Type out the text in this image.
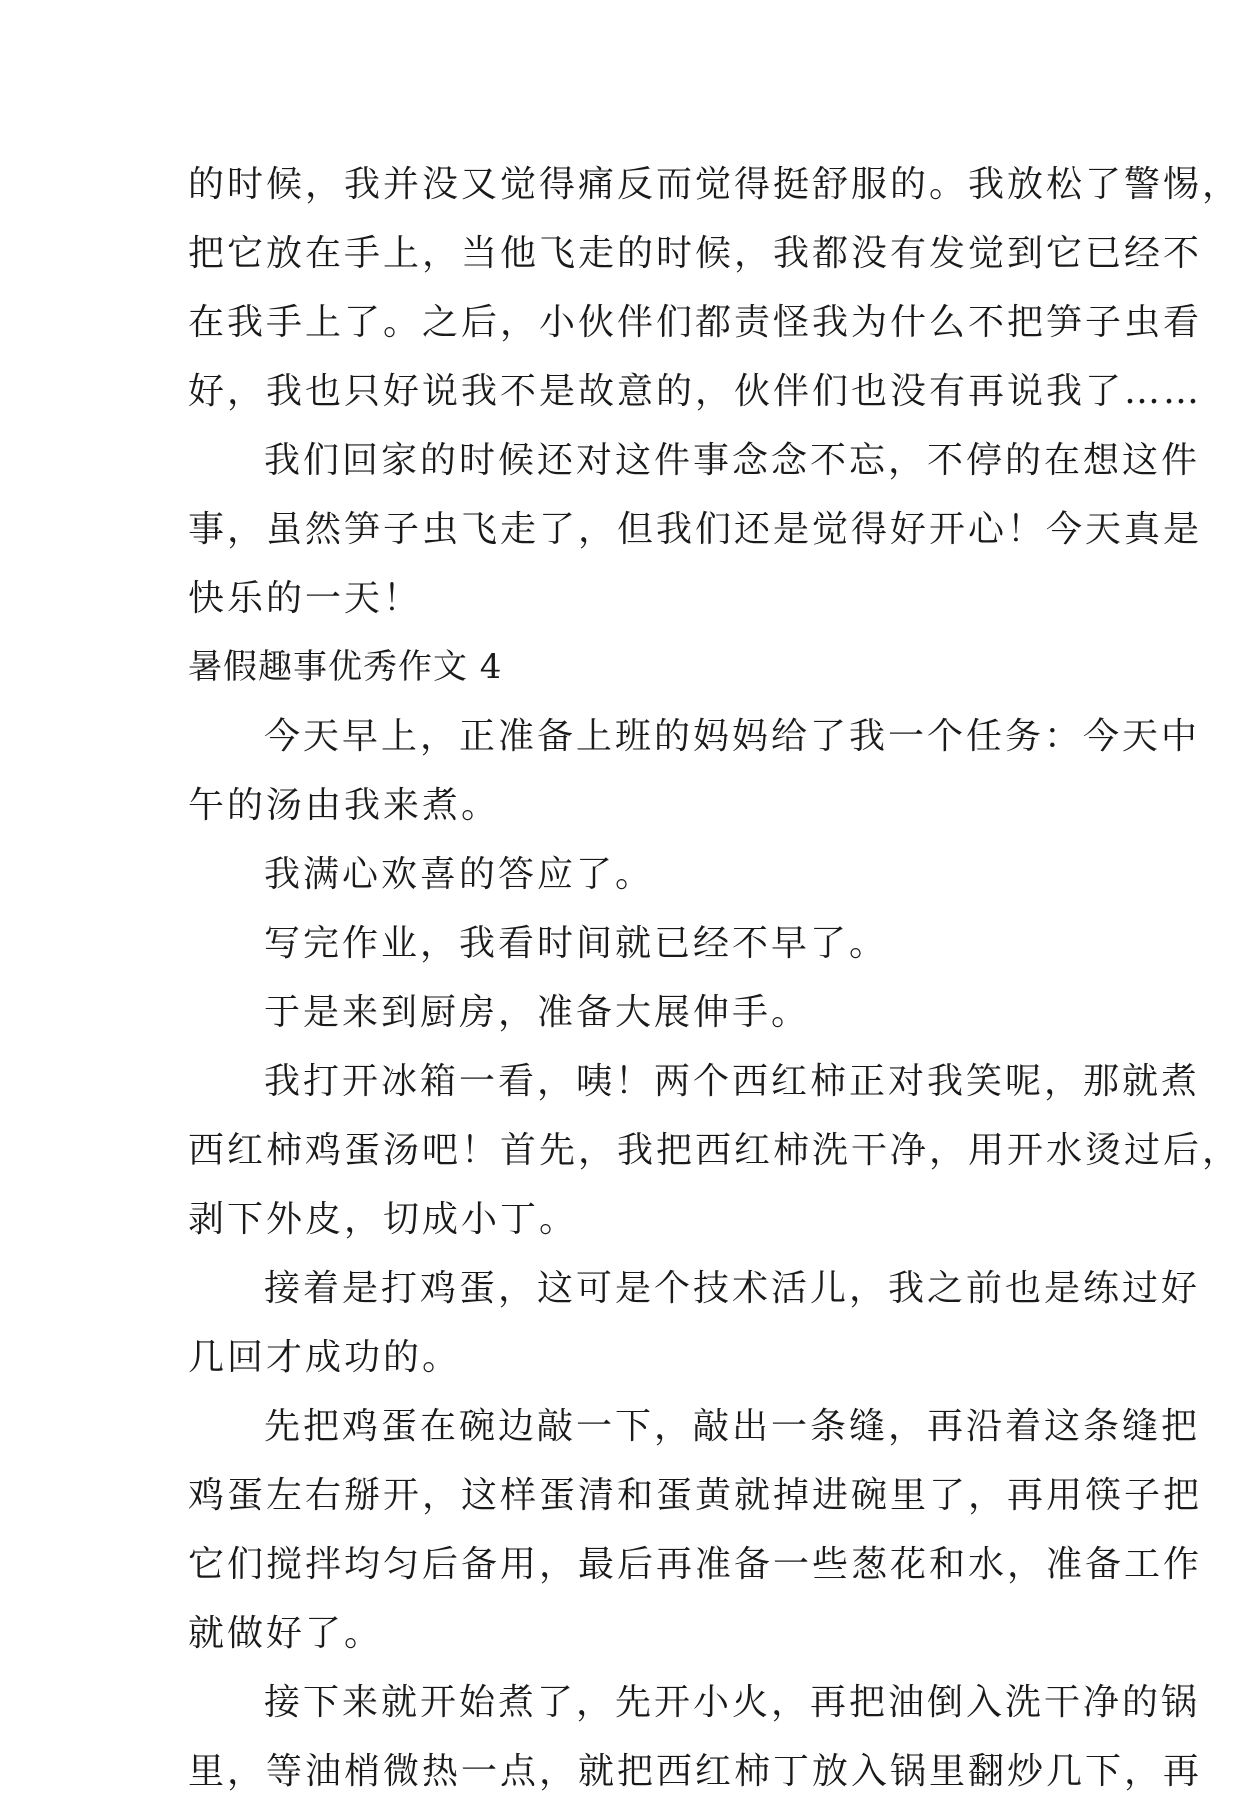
的时候，我并没又觉得痛反而觉得挺舒服的。我放松了警惕，
把它放在手上，当他飞走的时候，我都没有发觉到它已经不
在我手上了。之后，小伙伴们都责怪我为什么不把笋子虫看
好，我也只好说我不是故意的，伙伴们也没有再说我了……
我们回家的时候还对这件事念念不忘，不停的在想这件
事，虽然笋子虫飞走了，但我们还是觉得好开心！今天真是
快乐的一天！
暑假趣事优秀作文 4
今天早上，正准备上班的妈妈给了我一个任务：今天中
午的汤由我来煮。
我满心欢喜的答应了。
写完作业，我看时间就已经不早了。
于是来到厨房，准备大展伸手。
我打开冰箱一看，咦！两个西红柿正对我笑呢，那就煮
西红柿鸡蛋汤吧！首先，我把西红柿洗干净，用开水烫过后，
剥下外皮，切成小丁。
接着是打鸡蛋，这可是个技术活儿，我之前也是练过好
几回才成功的。
先把鸡蛋在碗边敲一下，敲出一条缝，再沿着这条缝把
鸡蛋左右掰开，这样蛋清和蛋黄就掉进碗里了，再用筷子把
它们搅拌均匀后备用，最后再准备一些葱花和水，准备工作
就做好了。
接下来就开始煮了，先开小火，再把油倒入洗干净的锅
里，等油梢微热一点，就把西红柿丁放入锅里翻炒几下，再
